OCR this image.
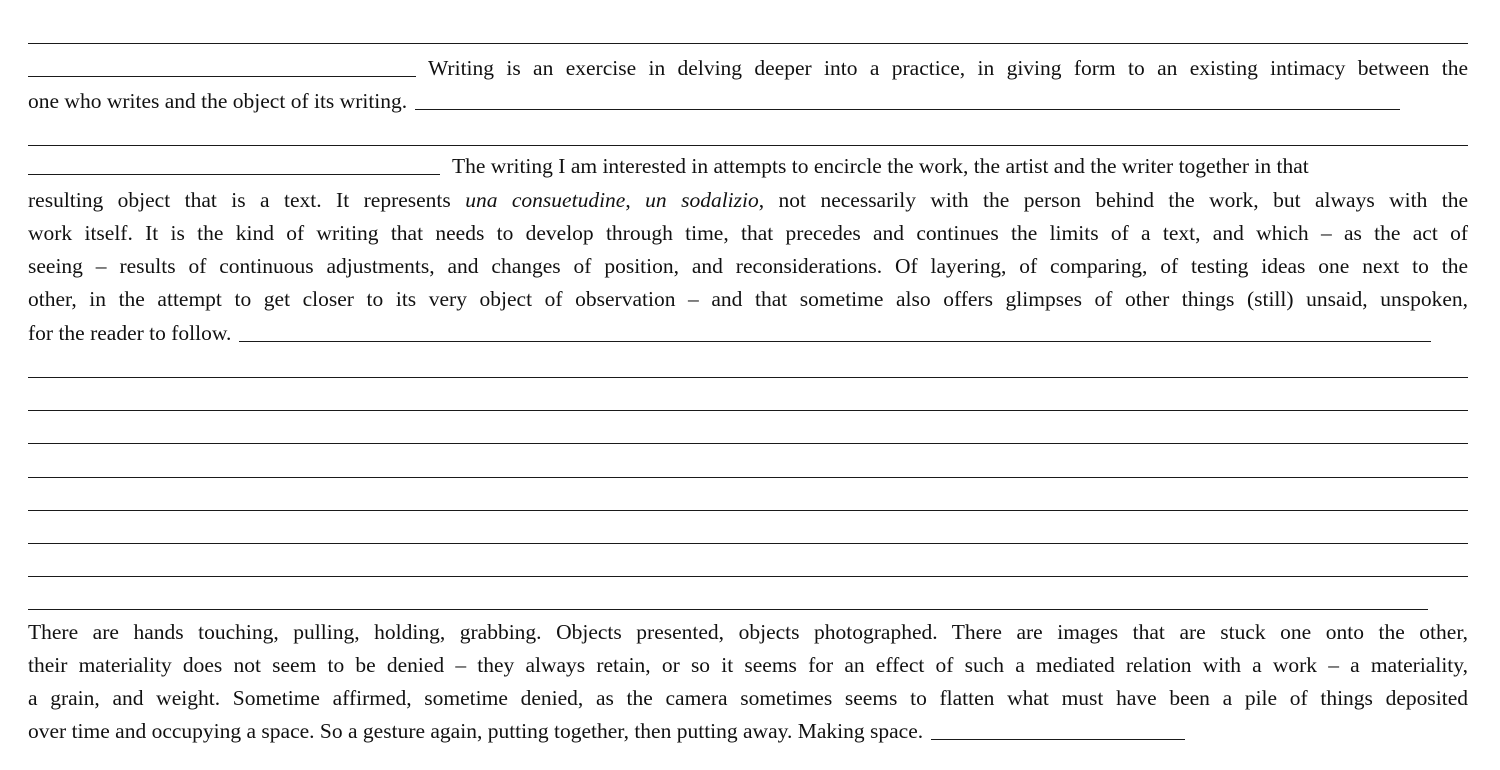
Writing is an exercise in delving deeper into a practice, in giving form to an existing intimacy between the
one who writes and the object of its writing.
The writing I am interested in attempts to encircle the work, the artist and the writer together in that
resulting object that is a text. It represents una consuetudine, un sodalizio, not necessarily with the person behind the work, but always with the
work itself. It is the kind of writing that needs to develop through time, that precedes and continues the limits of a text, and which – as the act of
seeing – results of continuous adjustments, and changes of position, and reconsiderations. Of layering, of comparing, of testing ideas one next to the
other, in the attempt to get closer to its very object of observation – and that sometime also offers glimpses of other things (still) unsaid, unspoken,
for the reader to follow.
There are hands touching, pulling, holding, grabbing. Objects presented, objects photographed. There are images that are stuck one onto the other,
their materiality does not seem to be denied – they always retain, or so it seems for an effect of such a mediated relation with a work – a materiality,
a grain, and weight. Sometime affirmed, sometime denied, as the camera sometimes seems to flatten what must have been a pile of things deposited
over time and occupying a space. So a gesture again, putting together, then putting away. Making space.
